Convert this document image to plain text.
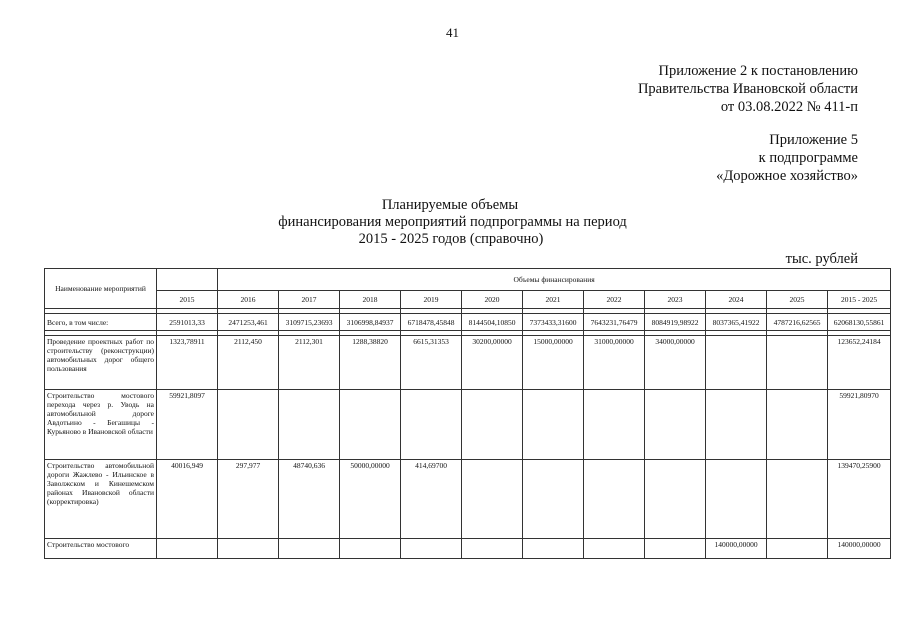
41
Приложение 2 к постановлению
Правительства Ивановской области
от 03.08.2022 № 411-п
Приложение 5
к подпрограмме
«Дорожное хозяйство»
Планируемые объемы
финансирования мероприятий подпрограммы на период
2015 - 2025 годов (справочно)
тыс. рублей
Наименование мероприятий		Объемы финансирования										
	2015	2016	2017	2018	2019	2020	2021	2022	2023	2024	2025	2015 - 2025

Всего, в том числе:	2591013,33	2471253,461	3109715,23693	3106998,84937	6718478,45848	8144504,10850	7373433,31600	7643231,76479	8084919,98922	8037365,41922	4787216,62565	62068130,55861

Проведение проектных работ по строительству (реконструкции) автомобильных дорог общего пользования	1323,78911	2112,450	2112,301	1288,38820	6615,31353	30200,00000	15000,00000	31000,00000	34000,00000			123652,24184
Строительство мостового перехода через р. Уводь на автомобильной дороге Авдотьино - Бегашицы - Курьяново в Ивановской области	59921,8097											59921,80970
Строительство автомобильной дороги Жажлево - Ильинское в Заволжском и Кинешемском районах Ивановской области (корректировка)	40016,949	297,977	48740,636	50000,00000	414,69700							139470,25900
Строительство мостового										140000,00000		140000,00000
